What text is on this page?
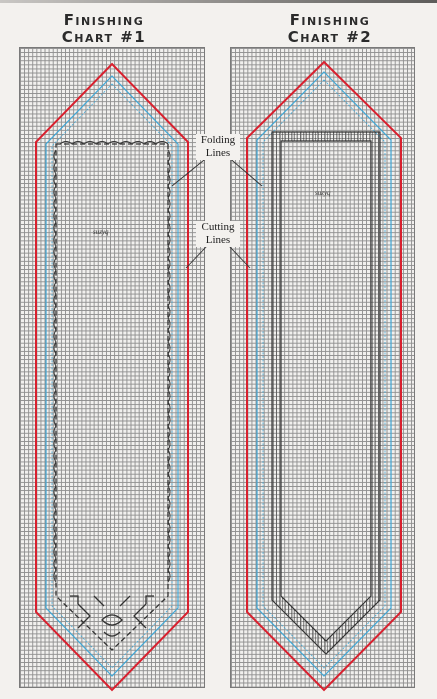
Finishing
Chart #1
Finishing
Chart #2
Folding
Lines
Cutting
Lines
suzyq
suzyq
